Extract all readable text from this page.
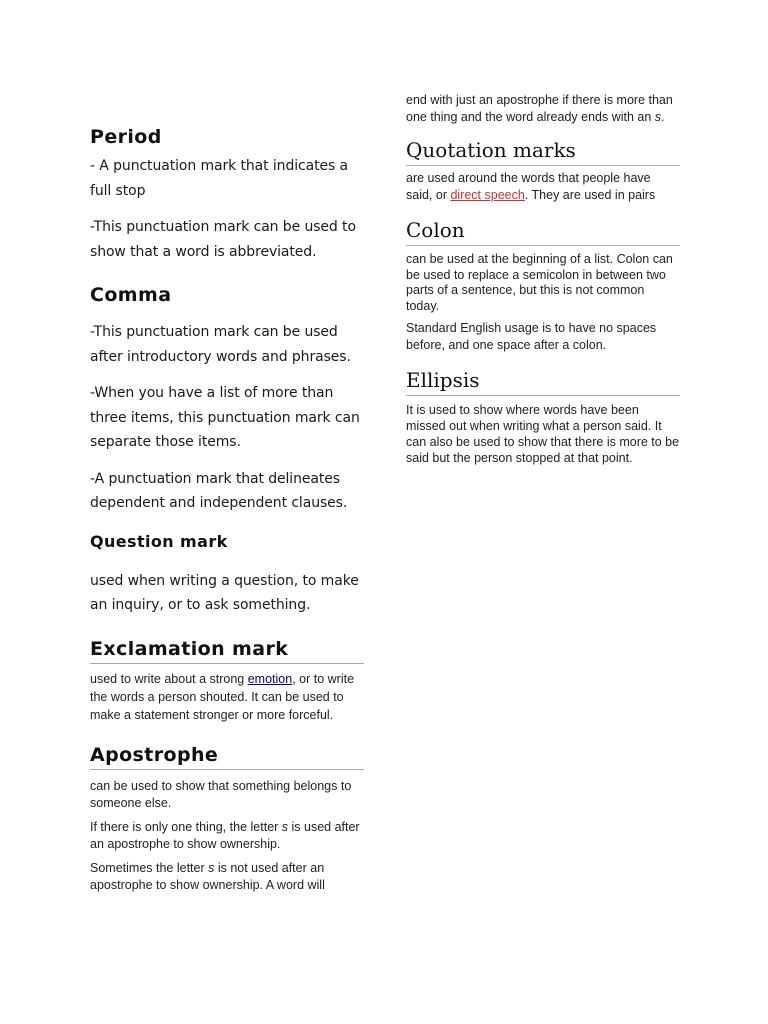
Period

- A punctuation mark that indicates a full stop

-This punctuation mark can be used to show that a word is abbreviated.

Comma

-This punctuation mark can be used after introductory words and phrases.

-When you have a list of more than three items, this punctuation mark can separate those items.

-A punctuation mark that delineates dependent and independent clauses.

Question mark

used when writing a question, to make an inquiry, or to ask something.

Exclamation mark

used to write about a strong emotion, or to write the words a person shouted. It can be used to make a statement stronger or more forceful.

Apostrophe

can be used to show that something belongs to someone else.

If there is only one thing, the letter s is used after an apostrophe to show ownership.

Sometimes the letter s is not used after an apostrophe to show ownership. A word will

end with just an apostrophe if there is more than one thing and the word already ends with an s.

Quotation marks

are used around the words that people have said, or direct speech. They are used in pairs

Colon

can be used at the beginning of a list. Colon can be used to replace a semicolon in between two parts of a sentence, but this is not common today.

Standard English usage is to have no spaces before, and one space after a colon.

Ellipsis

It is used to show where words have been missed out when writing what a person said. It can also be used to show that there is more to be said but the person stopped at that point.
